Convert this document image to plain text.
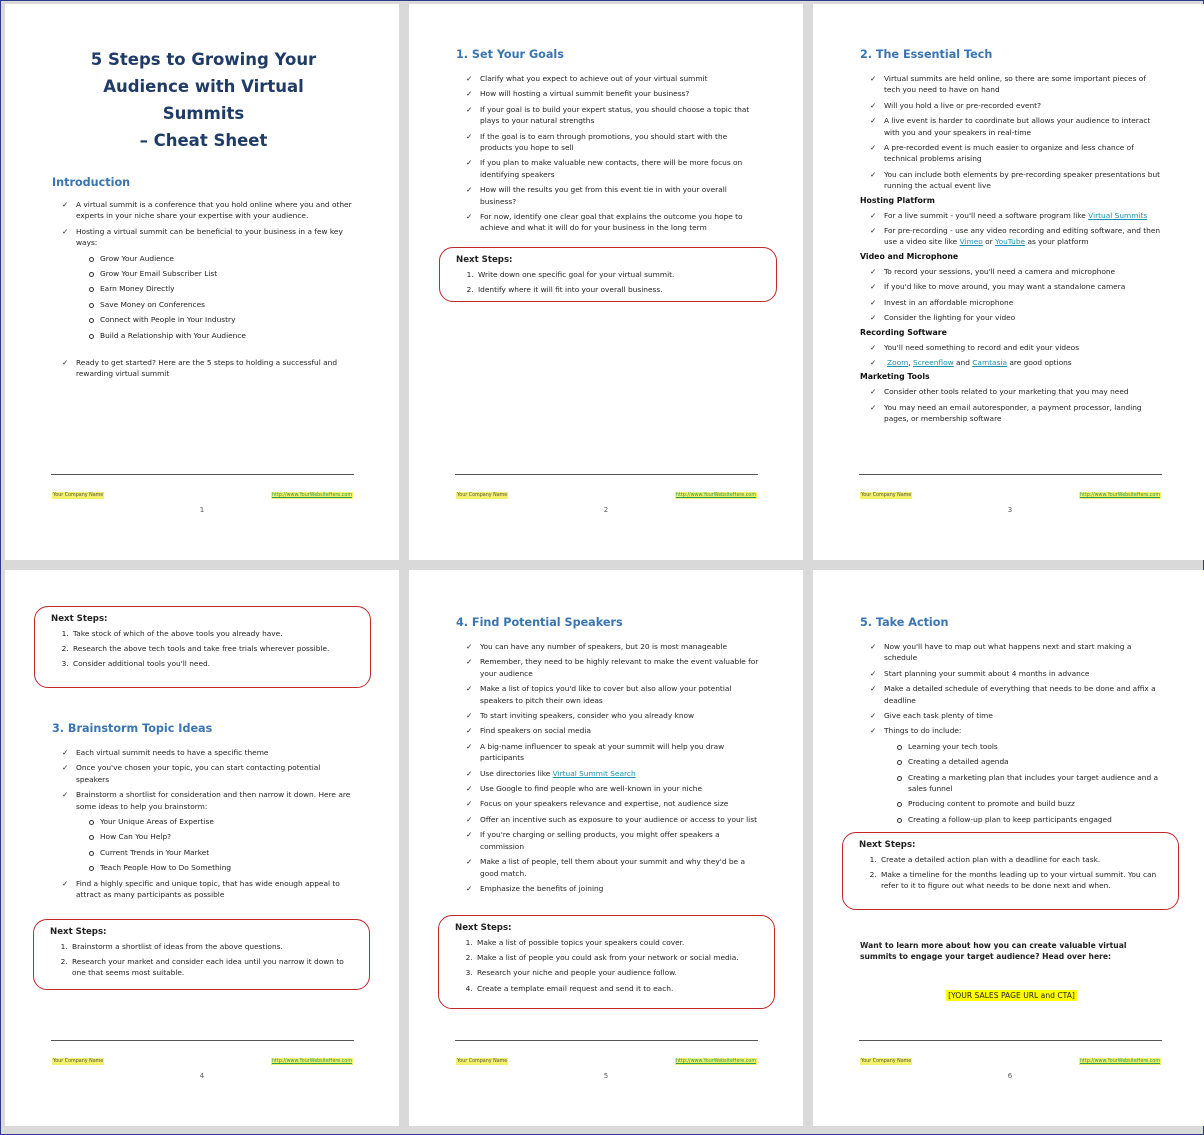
5 Steps to Growing Your Audience with Virtual Summits

– Cheat Sheet

Introduction

✓ A virtual summit is a conference that you hold online where you and other experts in your niche share your expertise with your audience.
✓ Hosting a virtual summit can be beneficial to your business in a few key ways:
Grow Your Audience
Grow Your Email Subscriber List
Earn Money Directly
Save Money on Conferences
Connect with People in Your Industry
Build a Relationship with Your Audience
✓ Ready to get started? Here are the 5 steps to holding a successful and rewarding virtual summit
Your Company Name	http://www.YourWebsiteHere.com
1

1. Set Your Goals

✓ Clarify what you expect to achieve out of your virtual summit
✓ How will hosting a virtual summit benefit your business?
✓ If your goal is to build your expert status, you should choose a topic that plays to your natural strengths
✓ If the goal is to earn through promotions, you should start with the products you hope to sell
✓ If you plan to make valuable new contacts, there will be more focus on identifying speakers
✓ How will the results you get from this event tie in with your overall business?
✓ For now, identify one clear goal that explains the outcome you hope to achieve and what it will do for your business in the long term

Next Steps:

1. Write down one specific goal for your virtual summit.
2. Identify where it will fit into your overall business.
Your Company Name	http://www.YourWebsiteHere.com
2

2. The Essential Tech

✓ Virtual summits are held online, so there are some important pieces of tech you need to have on hand
✓ Will you hold a live or pre-recorded event?
✓ A live event is harder to coordinate but allows your audience to interact with you and your speakers in real-time
✓ A pre-recorded event is much easier to organize and less chance of technical problems arising
✓ You can include both elements by pre-recording speaker presentations but running the actual event live

Hosting Platform

✓ For a live summit - you'll need a software program like Virtual Summits
✓ For pre-recording - use any video recording and editing software, and then use a video site like Vimeo or YouTube as your platform

Video and Microphone

✓ To record your sessions, you'll need a camera and microphone
✓ If you'd like to move around, you may want a standalone camera
✓ Invest in an affordable microphone
✓ Consider the lighting for your video

Recording Software

✓ You'll need something to record and edit your videos
✓ Zoom, Screenflow and Camtasia are good options

Marketing Tools

✓ Consider other tools related to your marketing that you may need
✓ You may need an email autoresponder, a payment processor, landing pages, or membership software
Your Company Name	http://www.YourWebsiteHere.com
3

Next Steps:

1. Take stock of which of the above tools you already have.
2. Research the above tech tools and take free trials wherever possible.
3. Consider additional tools you'll need.

3. Brainstorm Topic Ideas

✓ Each virtual summit needs to have a specific theme
✓ Once you've chosen your topic, you can start contacting potential speakers
✓ Brainstorm a shortlist for consideration and then narrow it down. Here are some ideas to help you brainstorm:
Your Unique Areas of Expertise
How Can You Help?
Current Trends in Your Market
Teach People How to Do Something
✓ Find a highly specific and unique topic, that has wide enough appeal to attract as many participants as possible

Next Steps:

1. Brainstorm a shortlist of ideas from the above questions.
2. Research your market and consider each idea until you narrow it down to one that seems most suitable.
Your Company Name	http://www.YourWebsiteHere.com
4

4. Find Potential Speakers

✓ You can have any number of speakers, but 20 is most manageable
✓ Remember, they need to be highly relevant to make the event valuable for your audience
✓ Make a list of topics you'd like to cover but also allow your potential speakers to pitch their own ideas
✓ To start inviting speakers, consider who you already know
✓ Find speakers on social media
✓ A big-name influencer to speak at your summit will help you draw participants
✓ Use directories like Virtual Summit Search
✓ Use Google to find people who are well-known in your niche
✓ Focus on your speakers relevance and expertise, not audience size
✓ Offer an incentive such as exposure to your audience or access to your list
✓ If you're charging or selling products, you might offer speakers a commission
✓ Make a list of people, tell them about your summit and why they'd be a good match.
✓ Emphasize the benefits of joining

Next Steps:

1. Make a list of possible topics your speakers could cover.
2. Make a list of people you could ask from your network or social media.
3. Research your niche and people your audience follow.
4. Create a template email request and send it to each.
Your Company Name	http://www.YourWebsiteHere.com
5

5. Take Action

✓ Now you'll have to map out what happens next and start making a schedule
✓ Start planning your summit about 4 months in advance
✓ Make a detailed schedule of everything that needs to be done and affix a deadline
✓ Give each task plenty of time
✓ Things to do include:
Learning your tech tools
Creating a detailed agenda
Creating a marketing plan that includes your target audience and a sales funnel
Producing content to promote and build buzz
Creating a follow-up plan to keep participants engaged

Next Steps:

1. Create a detailed action plan with a deadline for each task.
2. Make a timeline for the months leading up to your virtual summit. You can refer to it to figure out what needs to be done next and when.

Want to learn more about how you can create valuable virtual summits to engage your target audience? Head over here:

[YOUR SALES PAGE URL and CTA]
Your Company Name	http://www.YourWebsiteHere.com
6
